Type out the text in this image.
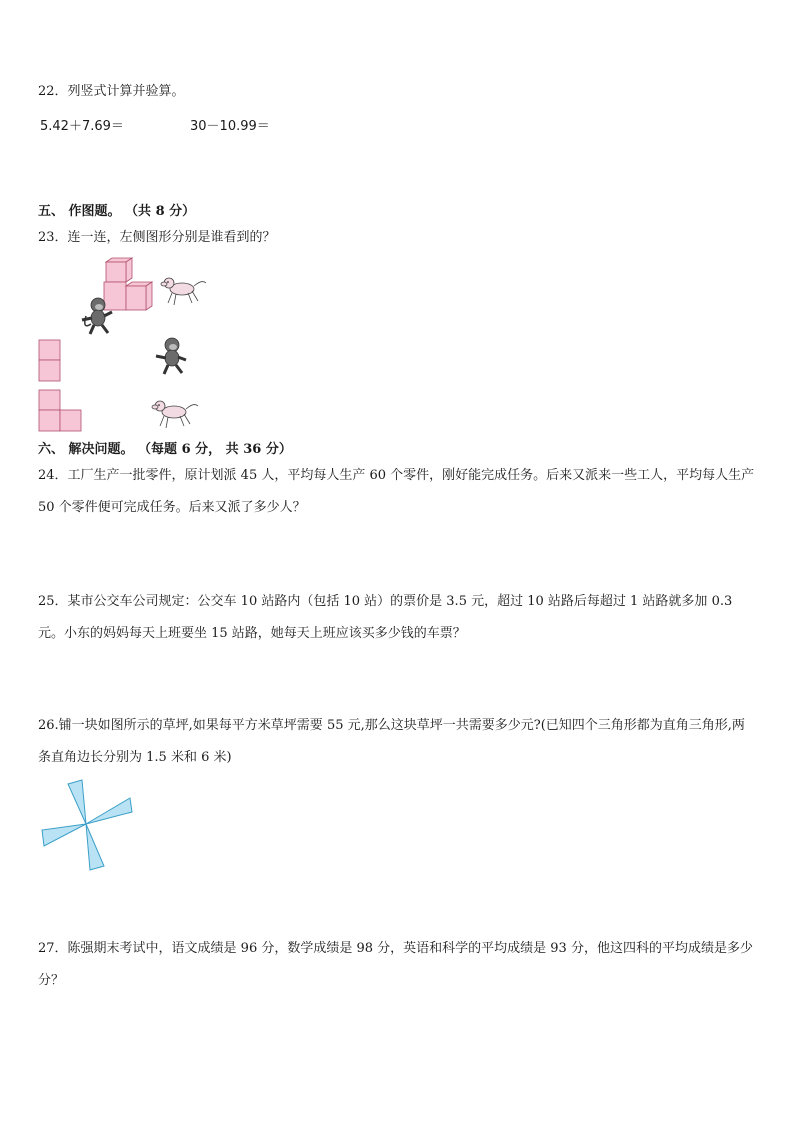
22．列竖式计算并验算。
5.42＋7.69＝	30－10.99＝
五、 作图题。 （共 8 分）
23．连一连，左侧图形分别是谁看到的？
六、 解决问题。 （每题 6 分， 共 36 分）
24．工厂生产一批零件，原计划派 45 人，平均每人生产 60 个零件，刚好能完成任务。后来又派来一些工人，平均每人生产 50 个零件便可完成任务。后来又派了多少人？
25．某市公交车公司规定：公交车 10 站路内（包括 10 站）的票价是 3.5 元，超过 10 站路后每超过 1 站路就多加 0.3 元。小东的妈妈每天上班要坐 15 站路，她每天上班应该买多少钱的车票？
26.铺一块如图所示的草坪,如果每平方米草坪需要 55 元,那么这块草坪一共需要多少元?(已知四个三角形都为直角三角形,两条直角边长分别为 1.5 米和 6 米)
27．陈强期末考试中，语文成绩是 96 分，数学成绩是 98 分，英语和科学的平均成绩是 93 分，他这四科的平均成绩是多少分？
